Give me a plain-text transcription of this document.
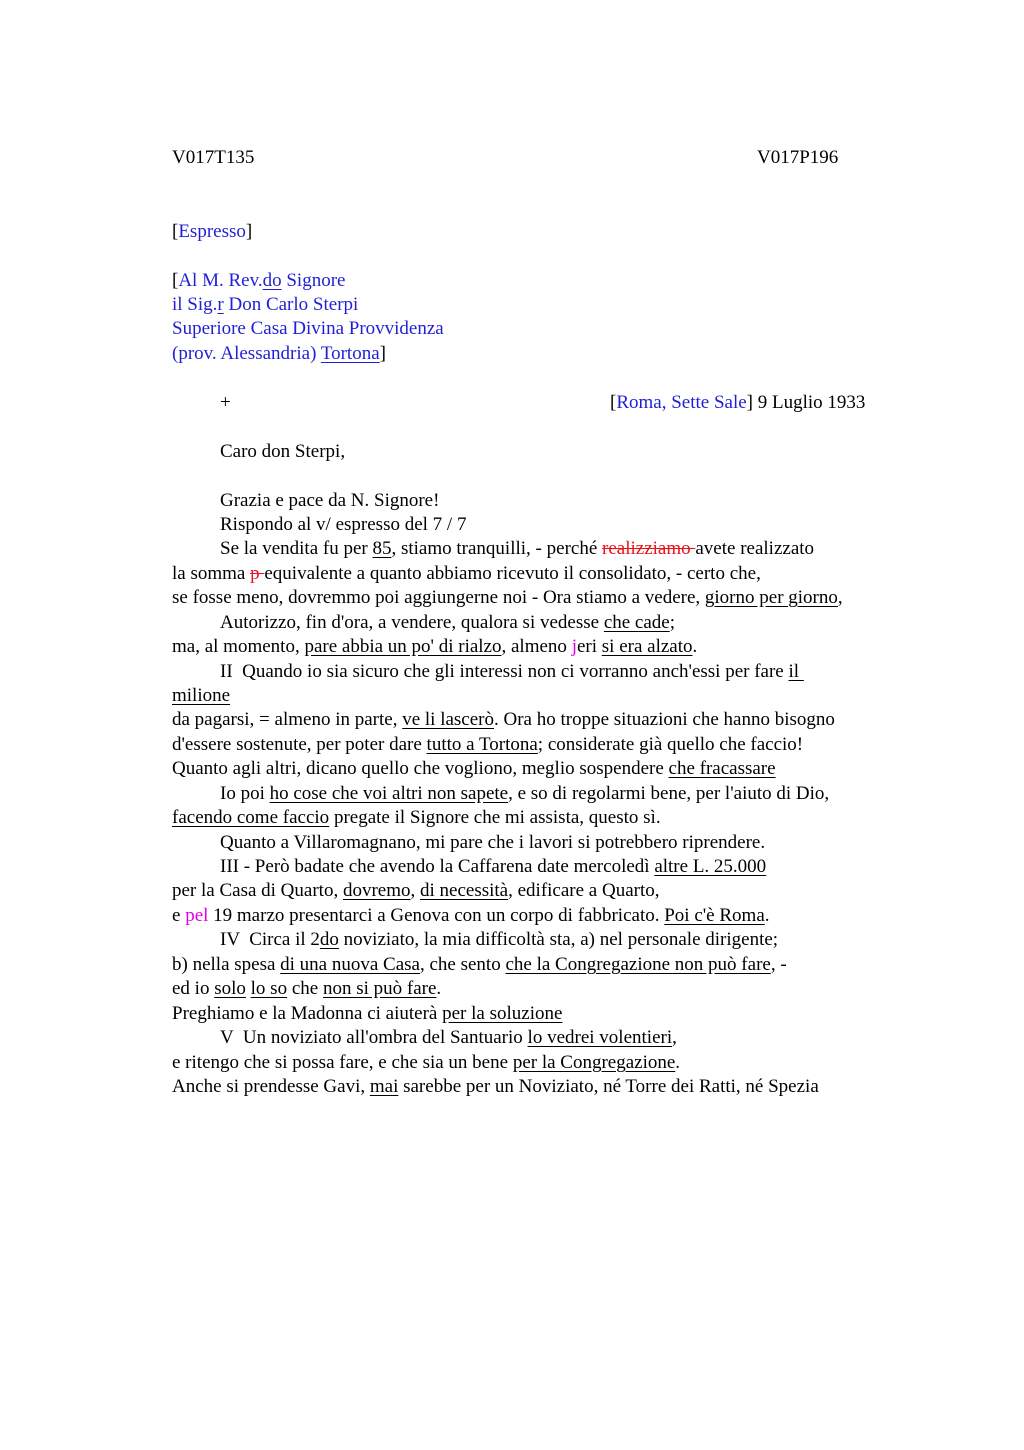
V017T135	V017P196
[Espresso]
[Al M. Rev.do Signore
il Sig.r Don Carlo Sterpi
Superiore Casa Divina Provvidenza
(prov. Alessandria) Tortona]
+	[Roma, Sette Sale] 9 Luglio 1933
Caro don Sterpi,
Grazia e pace da N. Signore!
Rispondo al v/ espresso del 7 / 7
Se la vendita fu per 85, stiamo tranquilli, - perché realizziamo avete realizzato
la somma p equivalente a quanto abbiamo ricevuto il consolidato, - certo che,
se fosse meno, dovremmo poi aggiungerne noi - Ora stiamo a vedere, giorno per giorno,
Autorizzo, fin d'ora, a vendere, qualora si vedesse che cade;
ma, al momento, pare abbia un po' di rialzo, almeno jeri si era alzato.
II  Quando io sia sicuro che gli interessi non ci vorranno anch'essi per fare il
milione
da pagarsi, = almeno in parte, ve li lascerò. Ora ho troppe situazioni che hanno bisogno
d'essere sostenute, per poter dare tutto a Tortona; considerate già quello che faccio!
Quanto agli altri, dicano quello che vogliono, meglio sospendere che fracassare
Io poi ho cose che voi altri non sapete, e so di regolarmi bene, per l'aiuto di Dio,
facendo come faccio pregate il Signore che mi assista, questo sì.
Quanto a Villaromagnano, mi pare che i lavori si potrebbero riprendere.
III - Però badate che avendo la Caffarena date mercoledì altre L. 25.000
per la Casa di Quarto, dovremo, di necessità, edificare a Quarto,
e pel 19 marzo presentarci a Genova con un corpo di fabbricato. Poi c'è Roma.
IV  Circa il 2do noviziato, la mia difficoltà sta, a) nel personale dirigente;
b) nella spesa di una nuova Casa, che sento che la Congregazione non può fare, -
ed io solo lo so che non si può fare.
Preghiamo e la Madonna ci aiuterà per la soluzione
V  Un noviziato all'ombra del Santuario lo vedrei volentieri,
e ritengo che si possa fare, e che sia un bene per la Congregazione.
Anche si prendesse Gavi, mai sarebbe per un Noviziato, né Torre dei Ratti, né Spezia
